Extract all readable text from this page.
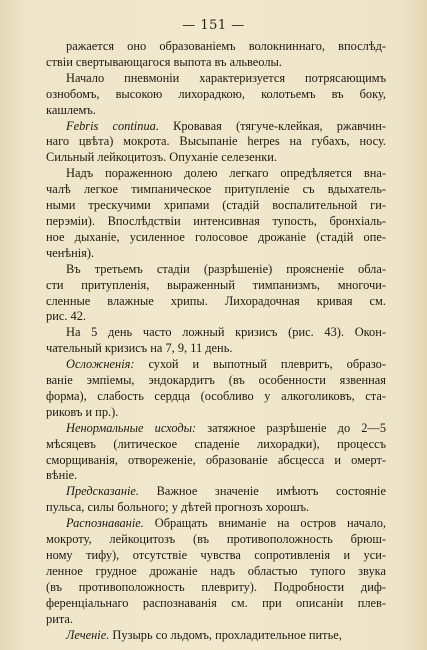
— 151 —
ражается оно образованіемъ волокниннаго, впослѣд-
ствіи свертывающагося выпота въ альвеолы.
Начало пневмоніи характеризуется потрясающимъ
ознобомъ, высокою лихорадкою, колотьемъ въ боку,
кашлемъ.
Febris continua. Кровавая (тягуче-клейкая, ржавчин-
наго цвѣта) мокрота. Высыпаніе herpes на губахъ, носу.
Сильный лейкоцитозъ. Опуханіе селезенки.
Надъ пораженною долею легкаго опредѣляется вна-
чалѣ легкое тимпаническое притупленіе съ вдыхатель-
ными трескучими хрипами (стадій воспалительной ги-
перэміи). Впослѣдствіи интенсивная тупость, бронхіаль-
ное дыханіе, усиленное голосовое дрожаніе (стадій опе-
ченѣнія).
Въ третьемъ стадіи (разрѣшеніе) проясненіе обла-
сти притупленія, выраженный тимпанизмъ, многочи-
сленные влажные хрипы. Лихорадочная кривая см.
рис. 42.
На 5 день часто ложный кризисъ (рис. 43). Окон-
чательный кризисъ на 7, 9, 11 день.
Осложненія: сухой и выпотный плевритъ, образо-
ваніе эмпіемы, эндокардитъ (въ особенности язвенная
форма), слабость сердца (особливо у алкоголиковъ, ста-
риковъ и пр.).
Ненормальные исходы: затяжное разрѣшеніе до 2—5
мѣсяцевъ (литическое спаденіе лихорадки), процессъ
сморщиванія, отвореженіе, образованіе абсцесса и омерт-
вѣніе.
Предсказаніе. Важное значеніе имѣютъ состояніе
пульса, силы больного; у дѣтей прогнозъ хорошъ.
Распознаваніе. Обращать вниманіе на остров начало,
мокроту, лейкоцитозъ (въ противоположность брюш-
ному тифу), отсутствіе чувства сопротивленія и уси-
ленное грудное дрожаніе надъ областью тупого звука
(въ противоположность плевриту). Подробности диф-
ференціальнаго распознаванія см. при описаніи плев-
рита.
Леченіе. Пузырь со льдомъ, прохладительное питье,
